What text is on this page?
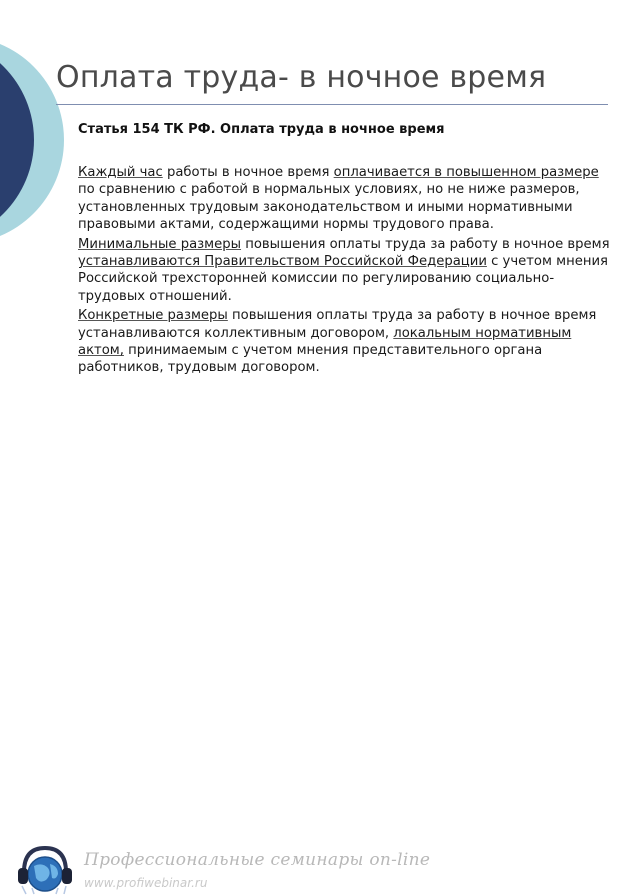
Оплата труда- в ночное время
Статья 154 ТК РФ. Оплата труда в ночное время
Каждый час работы в ночное время оплачивается в повышенном размере по сравнению с работой в нормальных условиях, но не ниже размеров, установленных трудовым законодательством и иными нормативными правовыми актами, содержащими нормы трудового права.
Минимальные размеры повышения оплаты труда за работу в ночное время устанавливаются Правительством Российской Федерации с учетом мнения Российской трехсторонней комиссии по регулированию социально-трудовых отношений.
Конкретные размеры повышения оплаты труда за работу в ночное время устанавливаются коллективным договором, локальным нормативным актом, принимаемым с учетом мнения представительного органа работников, трудовым договором.
Профессиональные семинары on-line
www.profiwebinar.ru
